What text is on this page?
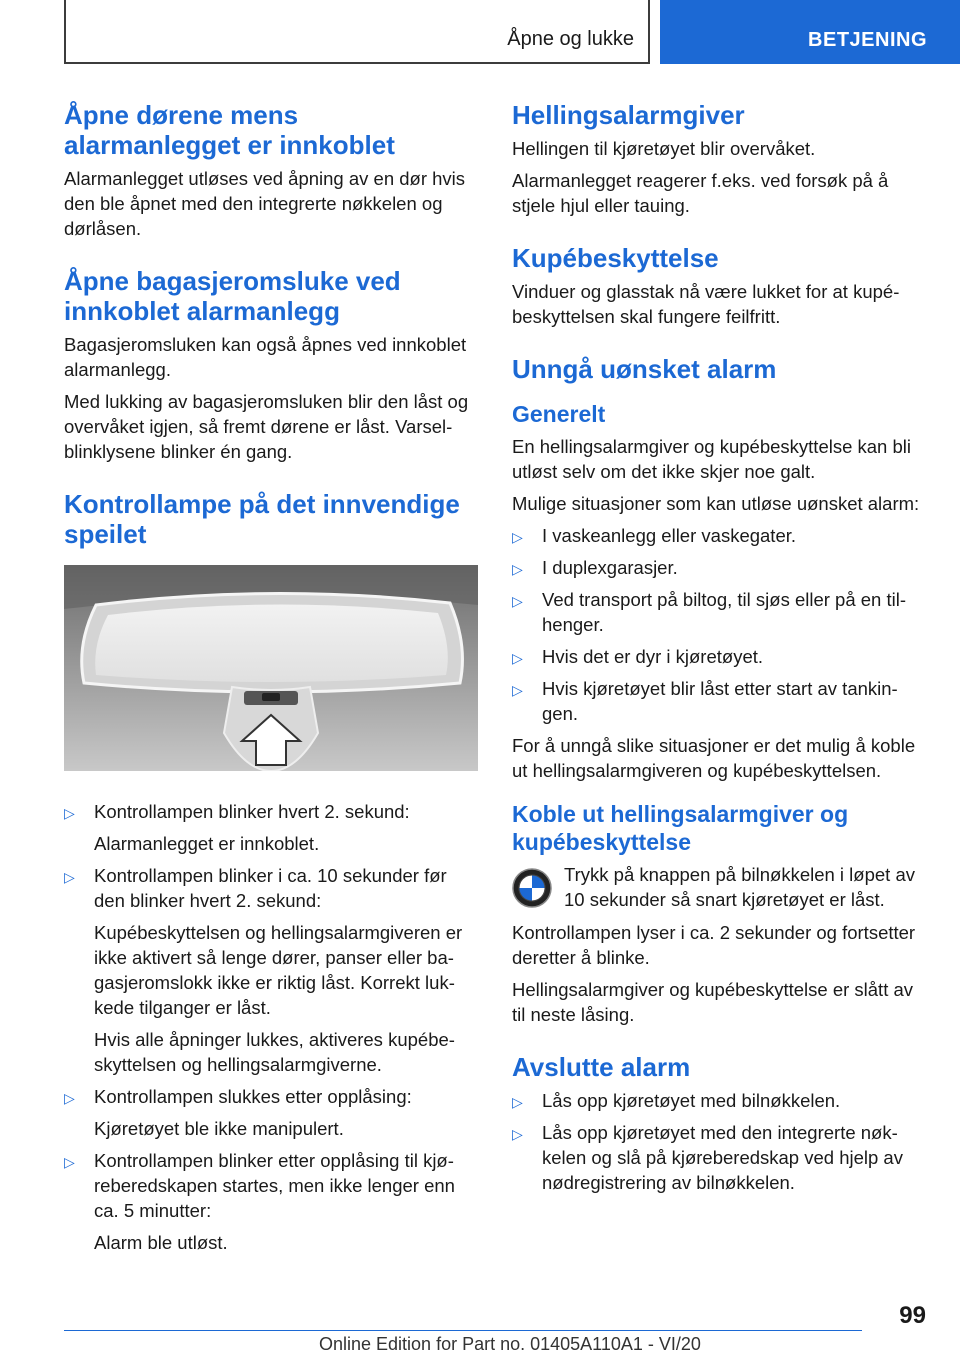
Åpne og lukke	BETJENING
Åpne dørene mens alarmanlegget er innkoblet

Alarmanlegget utløses ved åpning av en dør hvis den ble åpnet med den integrerte nøkkelen og dørlåsen.

Åpne bagasjeromsluke ved innkoblet alarmanlegg

Bagasjeromsluken kan også åpnes ved innkoblet alarmanlegg.

Med lukking av bagasjeromsluken blir den låst og overvåket igjen, så fremt dørene er låst. Varselblinklysene blinker én gang.

Kontrollampe på det innvendige speilet
▷ Kontrollampen blinker hvert 2. sekund:
Alarmanlegget er innkoblet.
▷ Kontrollampen blinker i ca. 10 sekunder før den blinker hvert 2. sekund:
Kupébeskyttelsen og hellingsalarmgiveren er ikke aktivert så lenge dører, panser eller bagasjeromslokk ikke er riktig låst. Korrekt lukkede tilganger er låst.
Hvis alle åpninger lukkes, aktiveres kupébeskyttelsen og hellingsalarmgiverne.
▷ Kontrollampen slukkes etter opplåsing:
Kjøretøyet ble ikke manipulert.
▷ Kontrollampen blinker etter opplåsing til kjøreberedskapen startes, men ikke lenger enn ca. 5 minutter:
Alarm ble utløst.
Hellingsalarmgiver

Hellingen til kjøretøyet blir overvåket.

Alarmanlegget reagerer f.eks. ved forsøk på å stjele hjul eller tauing.

Kupébeskyttelse

Vinduer og glasstak nå være lukket for at kupébeskyttelsen skal fungere feilfritt.

Unngå uønsket alarm
Generelt

En hellingsalarmgiver og kupébeskyttelse kan bli utløst selv om det ikke skjer noe galt.

Mulige situasjoner som kan utløse uønsket alarm:

▷ I vaskeanlegg eller vaskegater.
▷ I duplexgarasjer.
▷ Ved transport på biltog, til sjøs eller på en tilhenger.
▷ Hvis det er dyr i kjøretøyet.
▷ Hvis kjøretøyet blir låst etter start av tankingen.

For å unngå slike situasjoner er det mulig å koble ut hellingsalarmgiveren og kupébeskyttelsen.

Koble ut hellingsalarmgiver og kupébeskyttelse

Trykk på knappen på bilnøkkelen i løpet av 10 sekunder så snart kjøretøyet er låst.

Kontrollampen lyser i ca. 2 sekunder og fortsetter deretter å blinke.

Hellingsalarmgiver og kupébeskyttelse er slått av til neste låsing.

Avslutte alarm
▷ Lås opp kjøretøyet med bilnøkkelen.
▷ Lås opp kjøretøyet med den integrerte nøkkelen og slå på kjøreberedskap ved hjelp av nødregistrering av bilnøkkelen.
99
Online Edition for Part no. 01405A110A1 - VI/20
